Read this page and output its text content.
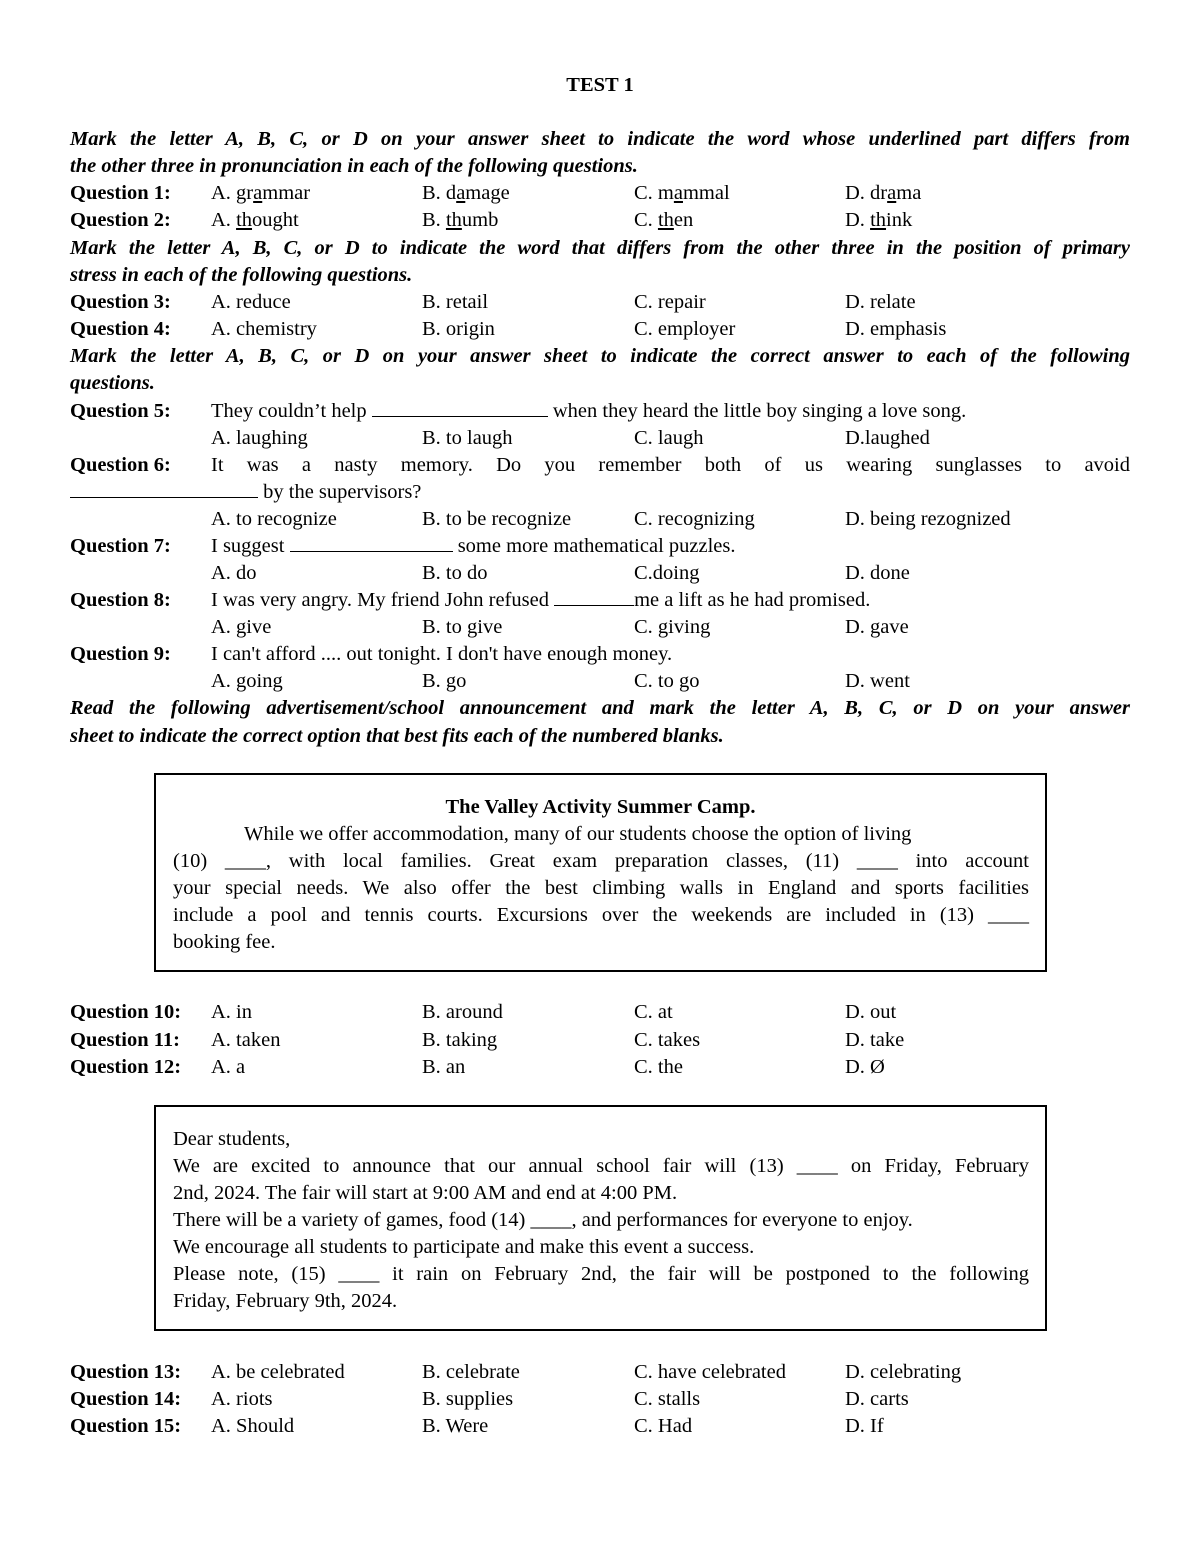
TEST 1
Mark the letter A, B, C, or D on your answer sheet to indicate the word whose underlined part differs from
the other three in pronunciation in each of the following questions.
Question 1: A. grammar	B. damage	C. mammal	D. drama
Question 2: A. thought	B. thumb	C. then	D. think
Mark the letter A, B, C, or D to indicate the word that differs from the other three in the position of primary
stress in each of the following questions.
Question 3: A. reduce	B. retail	C. repair	D. relate
Question 4: A. chemistry	B. origin	C. employer	D. emphasis
Mark the letter A, B, C, or D on your answer sheet to indicate the correct answer to each of the following
questions.
Question 5: They couldn’t help	when they heard the little boy singing a love song.
A. laughing	B. to laugh	C. laugh	D.laughed
Question 6: It was a nasty memory. Do you remember both of us wearing sunglasses to avoid
by the supervisors?
A. to recognize	B. to be recognize	C. recognizing	D. being rezognized
Question 7: I suggest	some more mathematical puzzles.
A. do	B. to do	C.doing	D. done
Question 8: I was very angry. My friend John refused	me a lift as he had promised.
A. give	B. to give	C. giving	D. gave
Question 9: I can't afford .... out tonight. I don't have enough money.
A. going	B. go	C. to go	D. went
Read the following advertisement/school announcement and mark the letter A, B, C, or D on your answer
sheet to indicate the correct option that best fits each of the numbered blanks.
The Valley Activity Summer Camp.
While we offer accommodation, many of our students choose the option of living
(10) ____, with local families. Great exam preparation classes, (11) ____ into account
your special needs. We also offer the best climbing walls in England and sports facilities
include a pool and tennis courts. Excursions over the weekends are included in (13) ____
booking fee.
Question 10: A. in	B. around	C. at	D. out
Question 11: A. taken	B. taking	C. takes	D. take
Question 12: A. a	B. an	C. the	D. Ø
Dear students,
We are excited to announce that our annual school fair will (13) ____ on Friday, February
2nd, 2024. The fair will start at 9:00 AM and end at 4:00 PM.
There will be a variety of games, food (14) ____, and performances for everyone to enjoy.
We encourage all students to participate and make this event a success.
Please note, (15) ____ it rain on February 2nd, the fair will be postponed to the following
Friday, February 9th, 2024.
Question 13: A. be celebrated	B. celebrate	C. have celebrated	D. celebrating
Question 14: A. riots	B. supplies	C. stalls	D. carts
Question 15: A. Should	B. Were	C. Had	D. If
